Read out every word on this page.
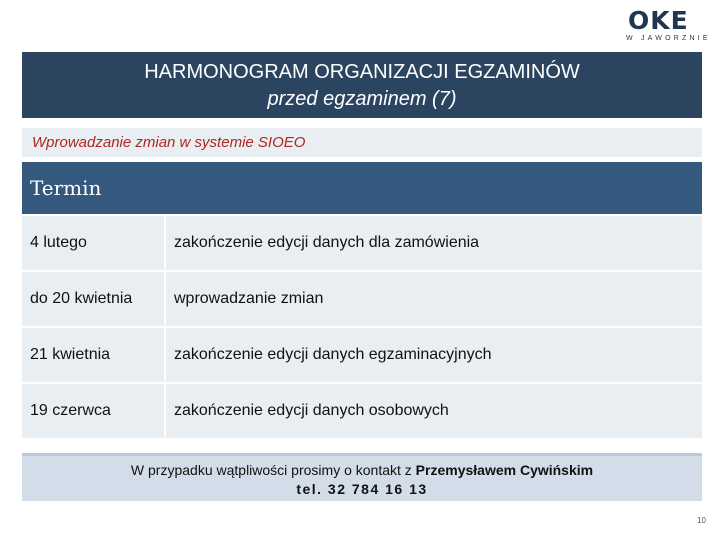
OKE
W JAWORZNIE
HARMONOGRAM ORGANIZACJI EGZAMINÓW
przed egzaminem (7)
Wprowadzanie zmian w systemie SIOEO
Termin
4 lutego	zakończenie edycji danych dla zamówienia
do 20 kwietnia	wprowadzanie zmian
21 kwietnia	zakończenie edycji danych egzaminacyjnych
19 czerwca	zakończenie edycji danych osobowych
W przypadku wątpliwości prosimy o kontakt z Przemysławem Cywińskim
tel. 32 784 16 13
10
